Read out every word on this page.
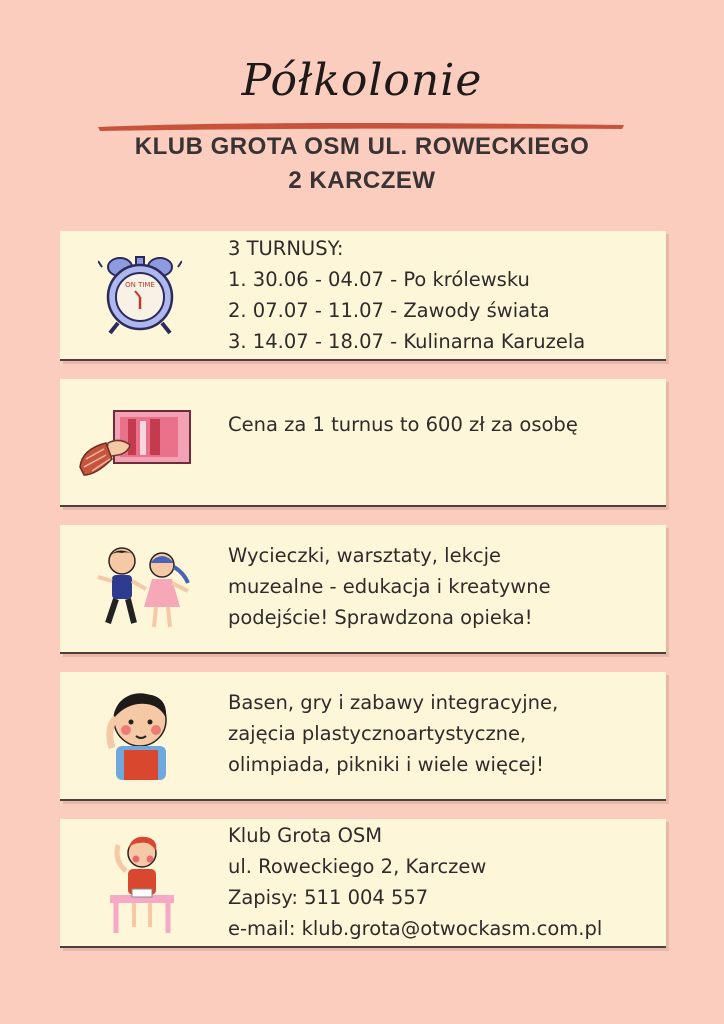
Półkolonie
KLUB GROTA OSM UL. ROWECKIEGO
2 KARCZEW
ON TIME
3 TURNUSY:
1. 30.06 - 04.07 - Po królewsku
2. 07.07 - 11.07 - Zawody świata
3. 14.07 - 18.07 - Kulinarna Karuzela
Cena za 1 turnus to 600 zł za osobę
Wycieczki, warsztaty, lekcje
muzealne - edukacja i kreatywne
podejście! Sprawdzona opieka!
Basen, gry i zabawy integracyjne,
zajęcia plastycznoartystyczne,
olimpiada, pikniki i wiele więcej!
Klub Grota OSM
ul. Roweckiego 2, Karczew
Zapisy: 511 004 557
e-mail: klub.grota@otwockasm.com.pl
